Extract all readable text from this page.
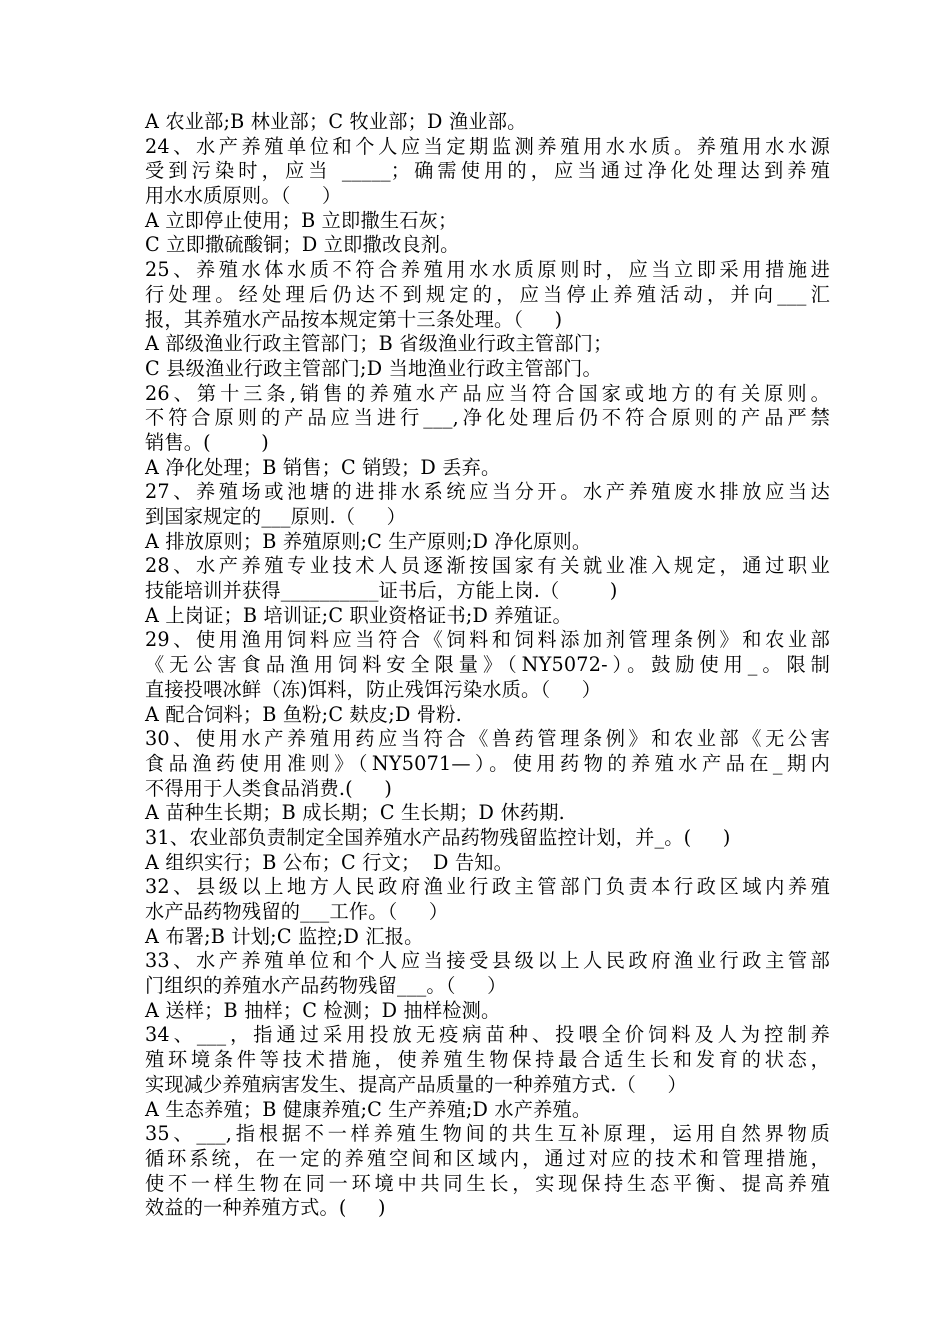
A 农业部;B 林业部；C 牧业部；D 渔业部。
24、水产养殖单位和个人应当定期监测养殖用水水质。养殖用水水源
受到污染时，应当 _____；确需使用的，应当通过净化处理达到养殖
用水水质原则。（     ）
A 立即停止使用；B 立即撒生石灰；
C 立即撒硫酸铜；D 立即撒改良剂。
25、养殖水体水质不符合养殖用水水质原则时，应当立即采用措施进
行处理。经处理后仍达不到规定的，应当停止养殖活动，并向___汇
报，其养殖水产品按本规定第十三条处理。（     )
A 部级渔业行政主管部门；B 省级渔业行政主管部门；
C 县级渔业行政主管部门;D 当地渔业行政主管部门。
26、第十三条,销售的养殖水产品应当符合国家或地方的有关原则。
不符合原则的产品应当进行___,净化处理后仍不符合原则的产品严禁
销售。(        )
A 净化处理；B 销售；C 销毁；D 丢弃。
27、养殖场或池塘的进排水系统应当分开。水产养殖废水排放应当达
到国家规定的___原则.（     ）
A 排放原则；B 养殖原则;C 生产原则;D 净化原则。
28、水产养殖专业技术人员逐渐按国家有关就业准入规定，通过职业
技能培训并获得__________证书后，方能上岗.（        )
A 上岗证；B 培训证;C 职业资格证书;D 养殖证。
29、使用渔用饲料应当符合《饲料和饲料添加剂管理条例》和农业部
《无公害食品渔用饲料安全限量》（NY5072-）。鼓励使用_。限制
直接投喂冰鲜（冻)饵料，防止残饵污染水质。（     ）
A 配合饲料；B 鱼粉;C 麸皮;D 骨粉.
30、使用水产养殖用药应当符合《兽药管理条例》和农业部《无公害
食品渔药使用准则》（NY5071—）。使用药物的养殖水产品在_期内
不得用于人类食品消费.(     )
A 苗种生长期；B 成长期；C 生长期；D 休药期.
31、农业部负责制定全国养殖水产品药物残留监控计划，并_。(     )
A 组织实行；B 公布；C 行文；  D 告知。
32、县级以上地方人民政府渔业行政主管部门负责本行政区域内养殖
水产品药物残留的___工作。（     ）
A 布署;B 计划;C 监控;D 汇报。
33、水产养殖单位和个人应当接受县级以上人民政府渔业行政主管部
门组织的养殖水产品药物残留___。（     ）
A 送样；B 抽样；C 检测；D 抽样检测。
34、___，指通过采用投放无疫病苗种、投喂全价饲料及人为控制养
殖环境条件等技术措施，使养殖生物保持最合适生长和发育的状态，
实现减少养殖病害发生、提高产品质量的一种养殖方式.（     ）
A 生态养殖；B 健康养殖;C 生产养殖;D 水产养殖。
35、___,指根据不一样养殖生物间的共生互补原理，运用自然界物质
循环系统，在一定的养殖空间和区域内，通过对应的技术和管理措施，
使不一样生物在同一环境中共同生长，实现保持生态平衡、提高养殖
效益的一种养殖方式。(     )
